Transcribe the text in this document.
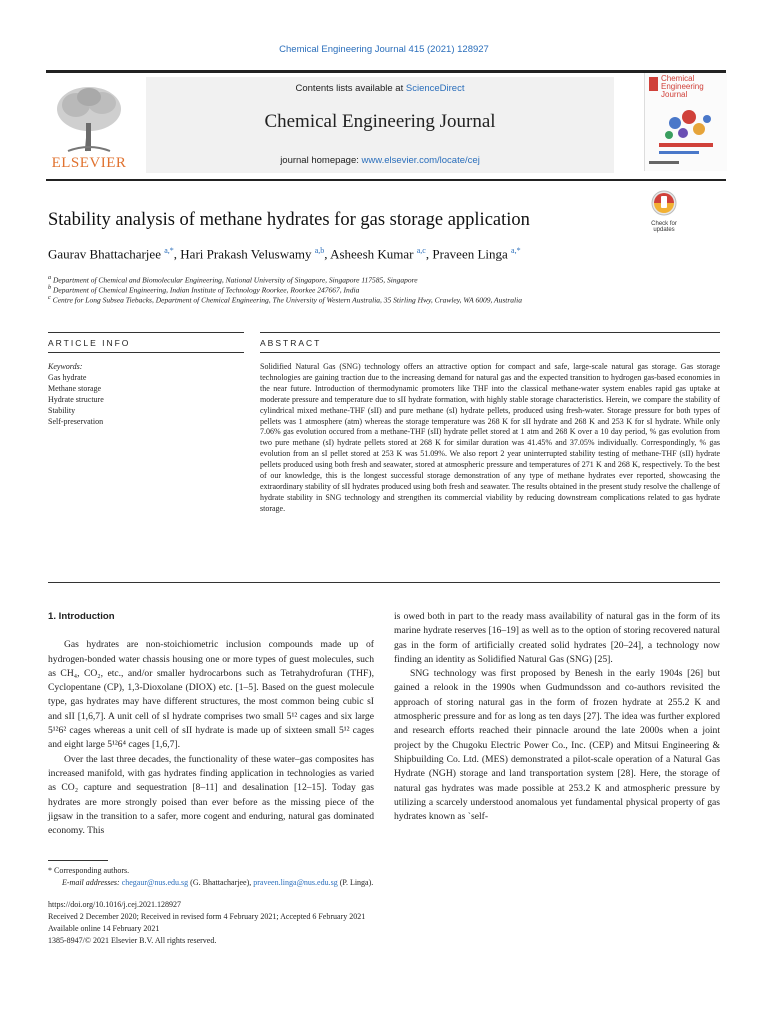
Chemical Engineering Journal 415 (2021) 128927
ELSEVIER
Contents lists available at ScienceDirect
Chemical Engineering Journal
journal homepage: www.elsevier.com/locate/cej
Chemical Engineering Journal
Stability analysis of methane hydrates for gas storage application	Check for updates
Gaurav Bhattacharjee $^{a,*}$, Hari Prakash Veluswamy $^{a,b}$, Asheesh Kumar $^{a,c}$, Praveen Linga $^{a,*}$
$^a$ Department of Chemical and Biomolecular Engineering, National University of Singapore, Singapore 117585, Singapore
$^b$ Department of Chemical Engineering, Indian Institute of Technology Roorkee, Roorkee 247667, India
$^c$ Centre for Long Subsea Tiebacks, Department of Chemical Engineering, The University of Western Australia, 35 Stirling Hwy, Crawley, WA 6009, Australia
ARTICLE INFO	ABSTRACT
Keywords:
Gas hydrate
Methane storage
Hydrate structure
Stability
Self-preservation
Solidified Natural Gas (SNG) technology offers an attractive option for compact and safe, large-scale natural gas storage. Gas storage technologies are gaining traction due to the increasing demand for natural gas and the expected transition to hydrogen gas-based economies in the near future. Introduction of thermodynamic promoters like THF into the classical methane-water system enables rapid gas uptake at moderate pressure and temperature due to sII hydrate formation, with highly stable storage characteristics. Herein, we compare the stability of cylindrical mixed methane-THF (sII) and pure methane (sI) hydrate pellets, produced using fresh-water. Storage pressure for both types of pellets was 1 atmosphere (atm) whereas the storage temperature was 268 K for sII hydrate and 268 K and 253 K for sI hydrate. While only 7.06% gas evolution occured from a methane-THF (sII) hydrate pellet stored at 1 atm and 268 K over a 10 day period, % gas evolution from two pure methane (sI) hydrate pellets stored at 268 K for similar duration was 41.45% and 37.05% individually. Correspondingly, % gas evolution from an sI pellet stored at 253 K was 51.09%. We also report 2 year uninterrupted stability testing of methane-THF (sII) hydrate pellets produced using both fresh and seawater, stored at atmospheric pressure and temperatures of 271 K and 268 K, respectively. To the best of our knowledge, this is the longest successful storage demonstration of any type of methane hydrates ever reported, showcasing the extraordinary stability of sII hydrates produced using both fresh and seawater. The results obtained in the present study resolve the challenge of hydrate stability in SNG technology and strengthen its commercial viability by reducing downstream complications related to gas hydrate storage.
1. Introduction

Gas hydrates are non-stoichiometric inclusion compounds made up of hydrogen-bonded water chassis housing one or more types of guest molecules, such as CH₄, CO₂, etc., and/or smaller hydrocarbons such as Tetrahydrofuran (THF), Cyclopentane (CP), 1,3-Dioxolane (DIOX) etc. [1–5]. Based on the guest molecule type, gas hydrates may have different structures, the most common being cubic sI and sII [1,6,7]. A unit cell of sI hydrate comprises two small 5¹² cages and six large 5¹²6² cages whereas a unit cell of sII hydrate is made up of sixteen small 5¹² cages and eight large 5¹²6⁴ cages [1,6,7].

Over the last three decades, the functionality of these water–gas composites has increased manifold, with gas hydrates finding application in technologies as varied as CO₂ capture and sequestration [8–11] and desalination [12–15]. Today gas hydrates are more strongly poised than ever before as the missing piece of the jigsaw in the transition to a safer, more cogent and enduring, natural gas dominated economy. This

is owed both in part to the ready mass availability of natural gas in the form of its marine hydrate reserves [16–19] as well as to the option of storing recovered natural gas in the form of artificially created solid hydrates [20–24], a technology now finding an identity as Solidified Natural Gas (SNG) [25].

SNG technology was first proposed by Benesh in the early 1904s [26] but gained a relook in the 1990s when Gudmundsson and co-authors revisited the approach of storing natural gas in the form of frozen hydrate at 255.2 K and atmospheric pressure and for as long as ten days [27]. The idea was further explored and research efforts reached their pinnacle around the late 2000s when a joint project by the Chugoku Electric Power Co., Inc. (CEP) and Mitsui Engineering & Shipbuilding Co. Ltd. (MES) demonstrated a pilot-scale operation of a Natural Gas Hydrate (NGH) storage and land transportation system [28]. Here, the storage of natural gas hydrates was made possible at 253.2 K and atmospheric pressure by utilizing a scarcely understood anomalous yet fundamental physical property of gas hydrates known as `self-

* Corresponding authors.
E-mail addresses: chegaur@nus.edu.sg (G. Bhattacharjee), praveen.linga@nus.edu.sg (P. Linga).
https://doi.org/10.1016/j.cej.2021.128927
Received 2 December 2020; Received in revised form 4 February 2021; Accepted 6 February 2021
Available online 14 February 2021
1385-8947/© 2021 Elsevier B.V. All rights reserved.
